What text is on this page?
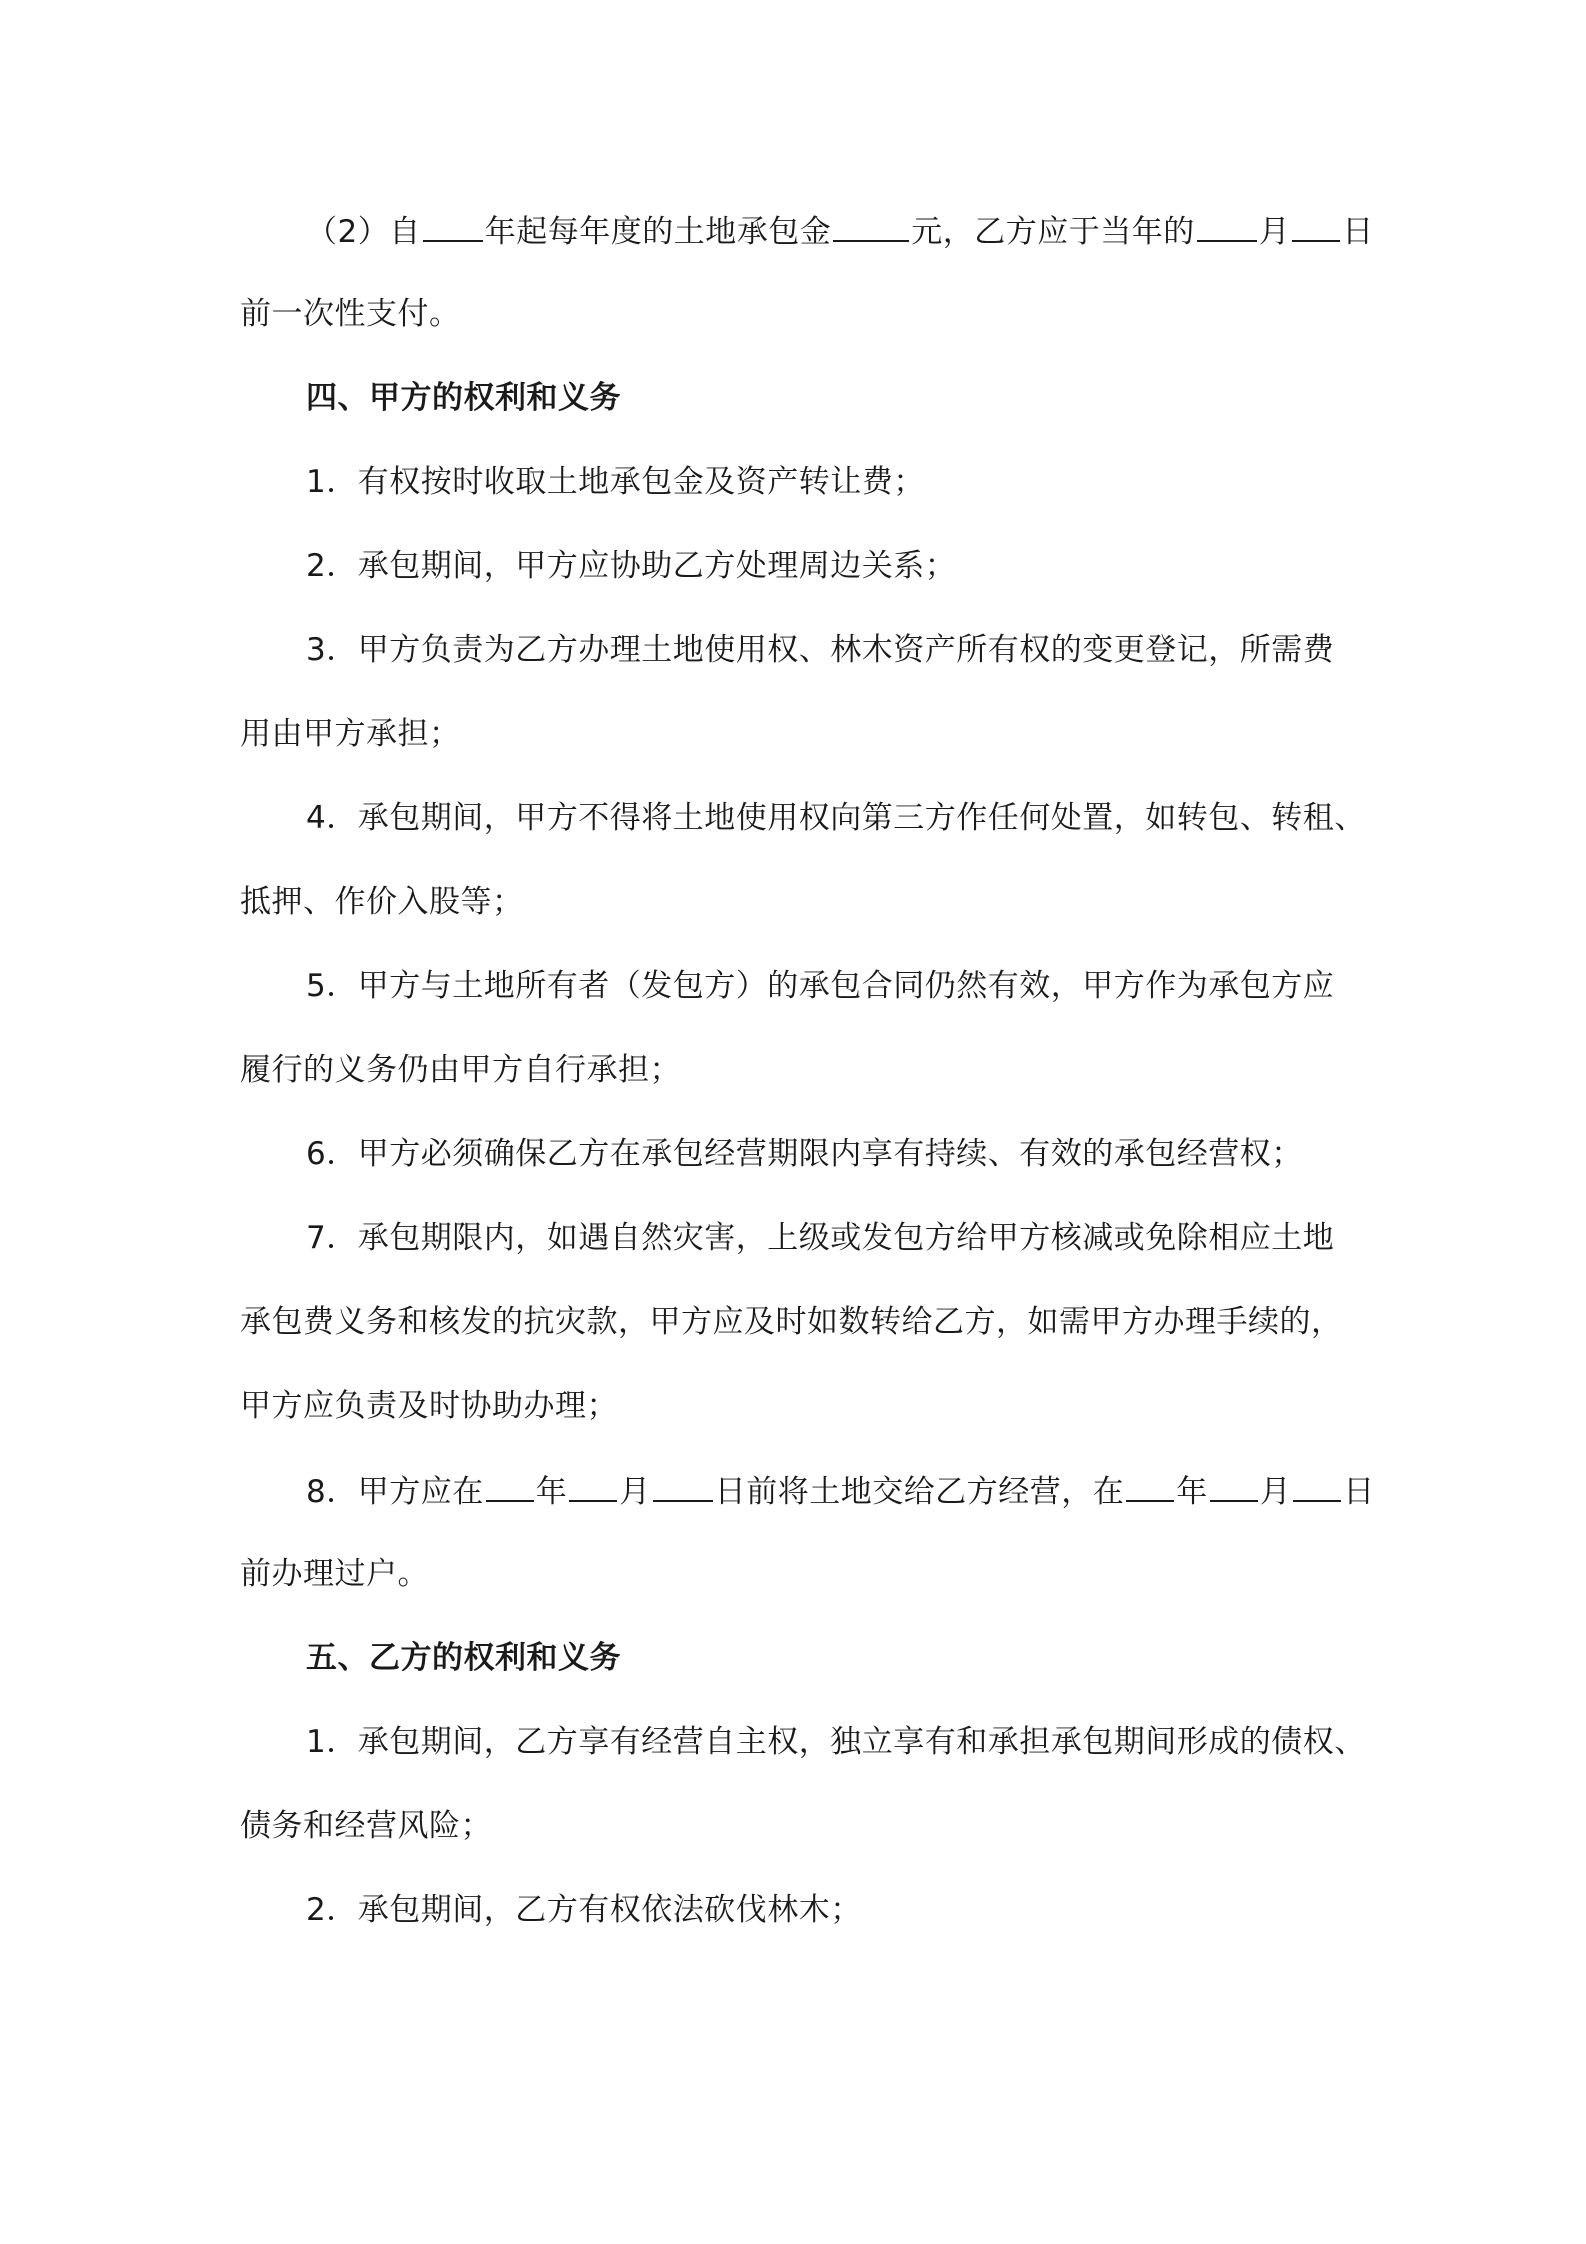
（2）自 年起每年度的土地承包金	元，乙方应于当年的 月 日
前一次性支付。
四、甲方的权利和义务
1．有权按时收取土地承包金及资产转让费；
2．承包期间，甲方应协助乙方处理周边关系；
3．甲方负责为乙方办理土地使用权、林木资产所有权的变更登记，所需费
用由甲方承担；
4．承包期间，甲方不得将土地使用权向第三方作任何处置，如转包、转租、
抵押、作价入股等；
5．甲方与土地所有者（发包方）的承包合同仍然有效，甲方作为承包方应
履行的义务仍由甲方自行承担；
6．甲方必须确保乙方在承包经营期限内享有持续、有效的承包经营权；
7．承包期限内，如遇自然灾害，上级或发包方给甲方核减或免除相应土地
承包费义务和核发的抗灾款，甲方应及时如数转给乙方，如需甲方办理手续的，
甲方应负责及时协助办理；
8．甲方应在 年 月 日前将土地交给乙方经营，在 年 月 日
前办理过户。
五、乙方的权利和义务
1．承包期间，乙方享有经营自主权，独立享有和承担承包期间形成的债权、
债务和经营风险；
2．承包期间，乙方有权依法砍伐林木；
